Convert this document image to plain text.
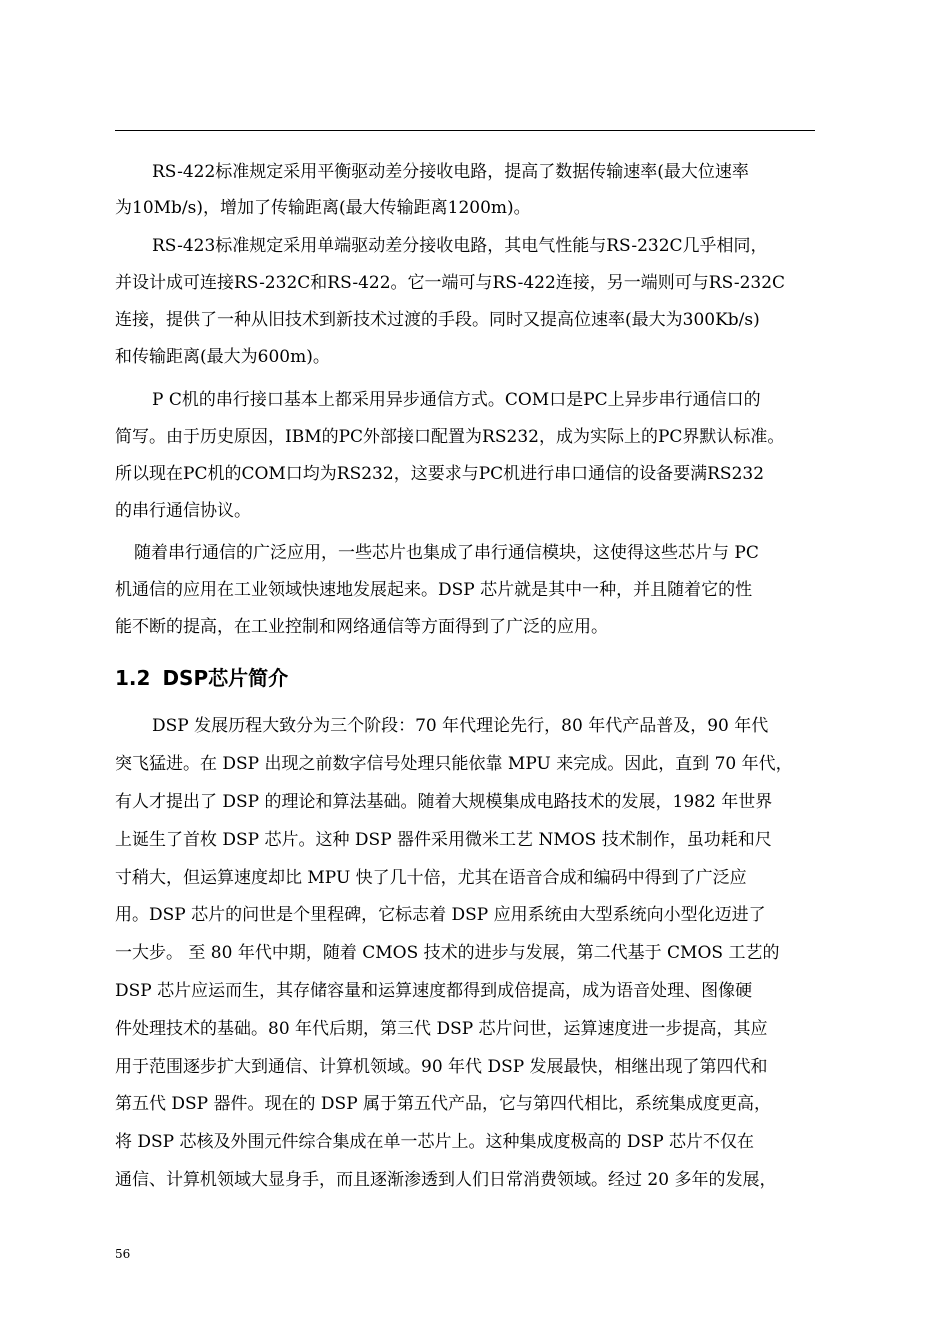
RS-422标准规定采用平衡驱动差分接收电路，提高了数据传输速率(最大位速率
为10Mb/s)，增加了传输距离(最大传输距离1200m)。
RS-423标准规定采用单端驱动差分接收电路，其电气性能与RS-232C几乎相同，
并设计成可连接RS-232C和RS-422。它一端可与RS-422连接，另一端则可与RS-232C
连接，提供了一种从旧技术到新技术过渡的手段。同时又提高位速率(最大为300Kb/s)
和传输距离(最大为600m)。
P C机的串行接口基本上都采用异步通信方式。COM口是PC上异步串行通信口的
简写。由于历史原因，IBM的PC外部接口配置为RS232，成为实际上的PC界默认标准。
所以现在PC机的COM口均为RS232，这要求与PC机进行串口通信的设备要满RS232
的串行通信协议。
随着串行通信的广泛应用，一些芯片也集成了串行通信模块，这使得这些芯片与 PC
机通信的应用在工业领域快速地发展起来。DSP 芯片就是其中一种，并且随着它的性
能不断的提高，在工业控制和网络通信等方面得到了广泛的应用。
1.2 DSP芯片简介
DSP 发展历程大致分为三个阶段：70 年代理论先行，80 年代产品普及，90 年代
突飞猛进。在 DSP 出现之前数字信号处理只能依靠 MPU 来完成。因此，直到 70 年代，
有人才提出了 DSP 的理论和算法基础。随着大规模集成电路技术的发展，1982 年世界
上诞生了首枚 DSP 芯片。这种 DSP 器件采用微米工艺 NMOS 技术制作，虽功耗和尺
寸稍大，但运算速度却比 MPU 快了几十倍，尤其在语音合成和编码中得到了广泛应
用。DSP 芯片的问世是个里程碑，它标志着 DSP 应用系统由大型系统向小型化迈进了
一大步。 至 80 年代中期，随着 CMOS 技术的进步与发展，第二代基于 CMOS 工艺的
DSP 芯片应运而生，其存储容量和运算速度都得到成倍提高，成为语音处理、图像硬
件处理技术的基础。80 年代后期，第三代 DSP 芯片问世，运算速度进一步提高，其应
用于范围逐步扩大到通信、计算机领域。90 年代 DSP 发展最快，相继出现了第四代和
第五代 DSP 器件。现在的 DSP 属于第五代产品，它与第四代相比，系统集成度更高，
将 DSP 芯核及外围元件综合集成在单一芯片上。这种集成度极高的 DSP 芯片不仅在
通信、计算机领域大显身手，而且逐渐渗透到人们日常消费领域。经过 20 多年的发展，
56
